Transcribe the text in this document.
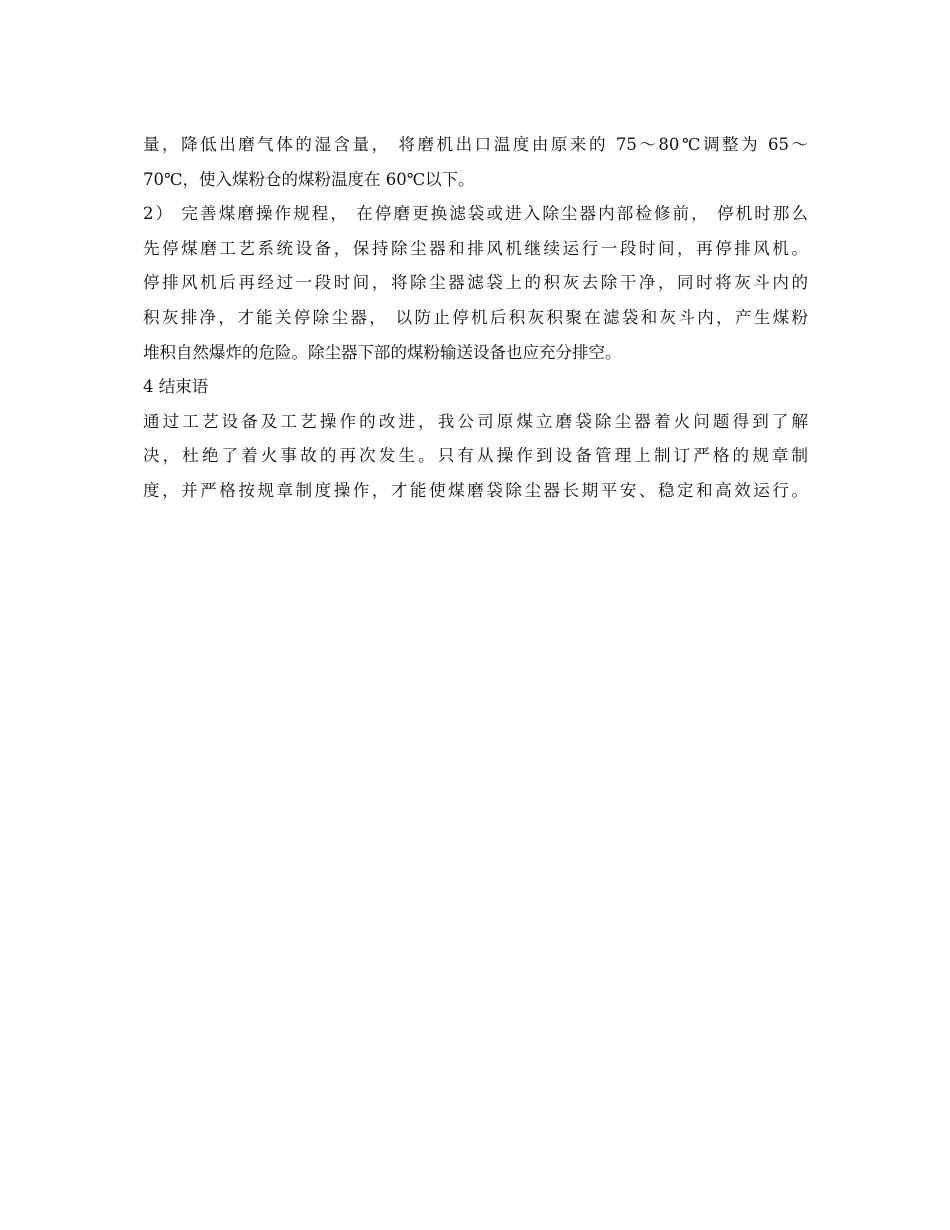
量，降低出磨气体的湿含量， 将磨机出口温度由原来的 75～80℃调整为 65～
70℃，使入煤粉仓的煤粉温度在 60℃以下。
2） 完善煤磨操作规程， 在停磨更换滤袋或进入除尘器内部检修前， 停机时那么
先停煤磨工艺系统设备，保持除尘器和排风机继续运行一段时间，再停排风机。
停排风机后再经过一段时间，将除尘器滤袋上的积灰去除干净，同时将灰斗内的
积灰排净，才能关停除尘器， 以防止停机后积灰积聚在滤袋和灰斗内，产生煤粉
堆积自然爆炸的危险。除尘器下部的煤粉输送设备也应充分排空。
4 结束语
通过工艺设备及工艺操作的改进，我公司原煤立磨袋除尘器着火问题得到了解
决，杜绝了着火事故的再次发生。只有从操作到设备管理上制订严格的规章制
度，并严格按规章制度操作，才能使煤磨袋除尘器长期平安、稳定和高效运行。
